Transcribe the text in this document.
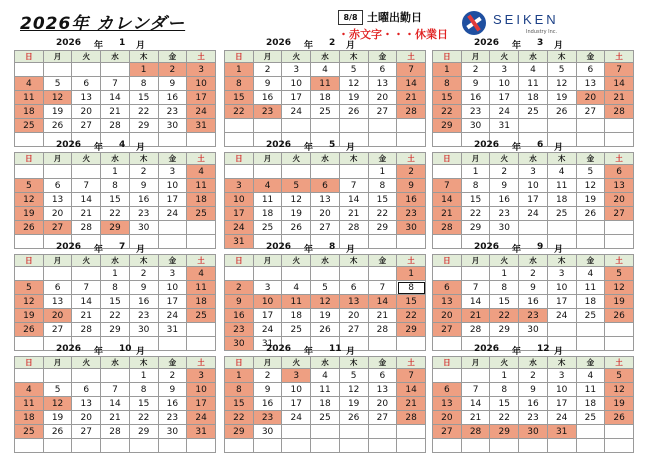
2026年 カレンダー	8/8 土曜出勤日
・赤文字・・・休業日
SEIKEN
Industry Inc.
2026 年 1 月
日	月	火	水	木	金	土
				1	2	3
4	5	6	7	8	9	10
11	12	13	14	15	16	17
18	19	20	21	22	23	24
25	26	27	28	29	30	31

2026 年 2 月
日	月	火	水	木	金	土
1	2	3	4	5	6	7
8	9	10	11	12	13	14
15	16	17	18	19	20	21
22	23	24	25	26	27	28

2026 年 3 月
日	月	火	水	木	金	土
1	2	3	4	5	6	7
8	9	10	11	12	13	14
15	16	17	18	19	20	21
22	23	24	25	26	27	28
29	30	31				

2026 年 4 月
日	月	火	水	木	金	土
			1	2	3	4
5	6	7	8	9	10	11
12	13	14	15	16	17	18
19	20	21	22	23	24	25
26	27	28	29	30		

2026 年 5 月
日	月	火	水	木	金	土
					1	2
3	4	5	6	7	8	9
10	11	12	13	14	15	16
17	18	19	20	21	22	23
24	25	26	27	28	29	30
31						
2026 年 6 月
日	月	火	水	木	金	土
	1	2	3	4	5	6
7	8	9	10	11	12	13
14	15	16	17	18	19	20
21	22	23	24	25	26	27
28	29	30				

2026 年 7 月
日	月	火	水	木	金	土
			1	2	3	4
5	6	7	8	9	10	11
12	13	14	15	16	17	18
19	20	21	22	23	24	25
26	27	28	29	30	31	

2026 年 8 月
日	月	火	水	木	金	土
						1
2	3	4	5	6	7	8
9	10	11	12	13	14	15
16	17	18	19	20	21	22
23	24	25	26	27	28	29
30	31					
2026 年 9 月
日	月	火	水	木	金	土
		1	2	3	4	5
6	7	8	9	10	11	12
13	14	15	16	17	18	19
20	21	22	23	24	25	26
27	28	29	30			

2026 年 10 月
日	月	火	水	木	金	土
				1	2	3
4	5	6	7	8	9	10
11	12	13	14	15	16	17
18	19	20	21	22	23	24
25	26	27	28	29	30	31

2026 年 11 月
日	月	火	水	木	金	土
1	2	3	4	5	6	7
8	9	10	11	12	13	14
15	16	17	18	19	20	21
22	23	24	25	26	27	28
29	30					

2026 年 12 月
日	月	火	水	木	金	土
		1	2	3	4	5
6	7	8	9	10	11	12
13	14	15	16	17	18	19
20	21	22	23	24	25	26
27	28	29	30	31		
